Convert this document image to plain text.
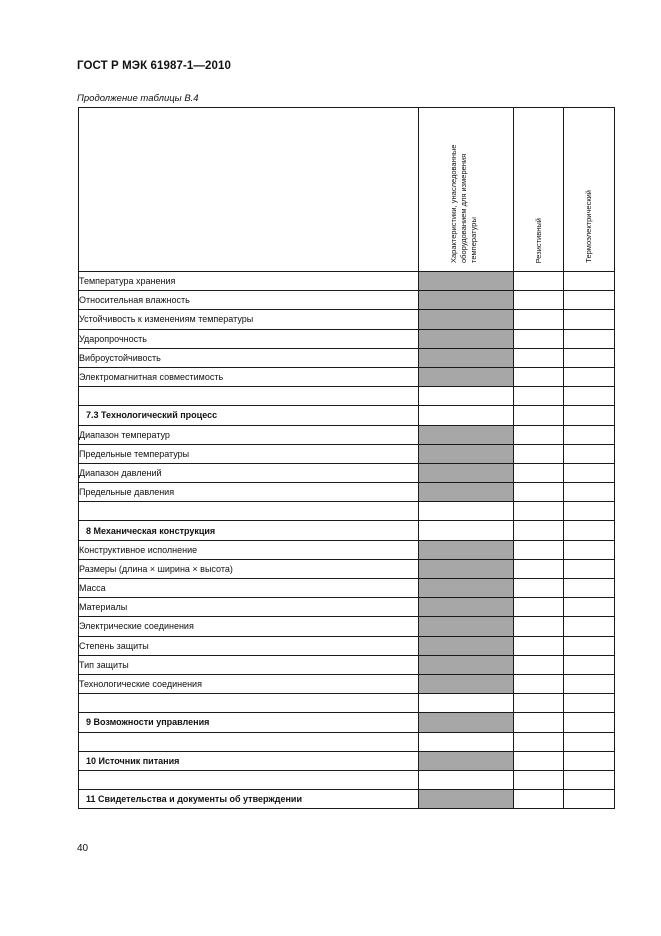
ГОСТ Р МЭК 61987-1—2010
Продолжение таблицы В.4

	Характеристики, унаследованные оборудованием для измерения температуры	Резистивный	Термоэлектрический

Температура хранения			
Относительная влажность			
Устойчивость к изменениям температуры			
Ударопрочность			
Виброустойчивость			
Электромагнитная совместимость			

7.3 Технологический процесс			
Диапазон температур			
Предельные температуры			
Диапазон давлений			
Предельные давления			

8 Механическая конструкция			
Конструктивное исполнение			
Размеры (длина × ширина × высота)			
Масса			
Материалы			
Электрические соединения			
Степень защиты			
Тип защиты			
Технологические соединения			

9 Возможности управления			

10 Источник питания			

11 Свидетельства и документы об утверждении			
40
